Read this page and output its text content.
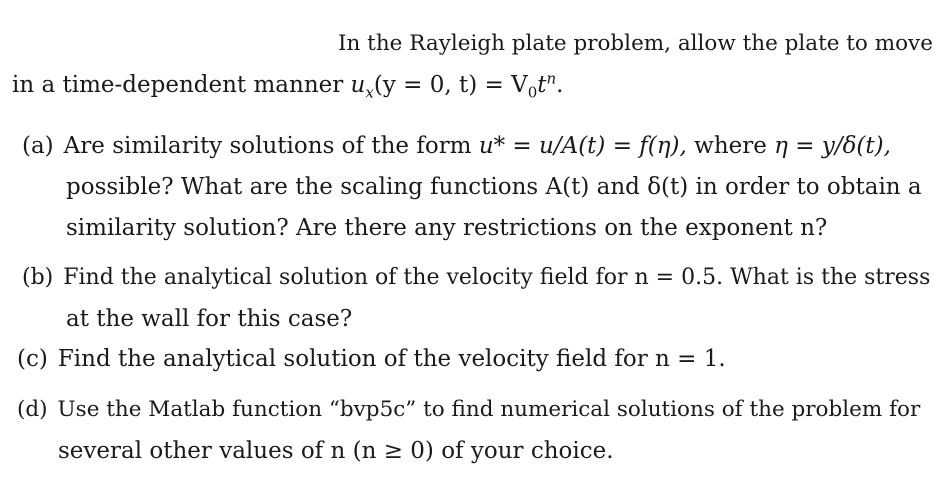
In the Rayleigh plate problem, allow the plate to move
in a time-dependent manner $u_x(y = 0$, $t) = V_0t^n$.
(a) Are similarity solutions of the form u* = u/A(t) = f(η), where η = y/δ(t),
possible? What are the scaling functions A(t) and δ(t) in order to obtain a
similarity solution? Are there any restrictions on the exponent n?
(b) Find the analytical solution of the velocity field for n = 0.5. What is the stress
at the wall for this case?
(c) Find the analytical solution of the velocity field for n = 1.
(d) Use the Matlab function “bvp5c” to find numerical solutions of the problem for
several other values of n (n ≥ 0) of your choice.
